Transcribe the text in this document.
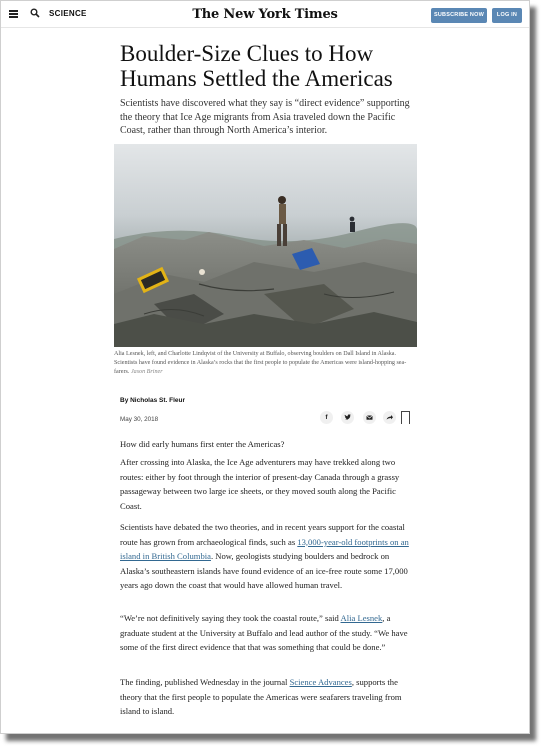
SCIENCE	The New York Times	SUBSCRIBE NOW	LOG IN
Boulder-Size Clues to How Humans Settled the Americas

Scientists have discovered what they say is “direct evidence” supporting the theory that Ice Age migrants from Asia traveled down the Pacific Coast, rather than through North America’s interior.

Alia Lesnek, left, and Charlotte Lindqvist of the University at Buffalo, observing boulders on Dall Island in Alaska. Scientists have found evidence in Alaska’s rocks that the first people to populate the Americas were island-hopping sea-farers. Jason Briner

By Nicholas St. Fleur
May 30, 2018	f

How did early humans first enter the Americas?

After crossing into Alaska, the Ice Age adventurers may have trekked along two routes: either by foot through the interior of present-day Canada through a grassy passageway between two large ice sheets, or they moved south along the Pacific Coast.

Scientists have debated the two theories, and in recent years support for the coastal route has grown from archaeological finds, such as 13,000-year-old footprints on an island in British Columbia. Now, geologists studying boulders and bedrock on Alaska’s southeastern islands have found evidence of an ice-free route some 17,000 years ago down the coast that would have allowed human travel.

“We’re not definitively saying they took the coastal route,” said Alia Lesnek, a graduate student at the University at Buffalo and lead author of the study. “We have some of the first direct evidence that that was something that could be done.”

The finding, published Wednesday in the journal Science Advances, supports the theory that the first people to populate the Americas were seafarers traveling from island to island.
